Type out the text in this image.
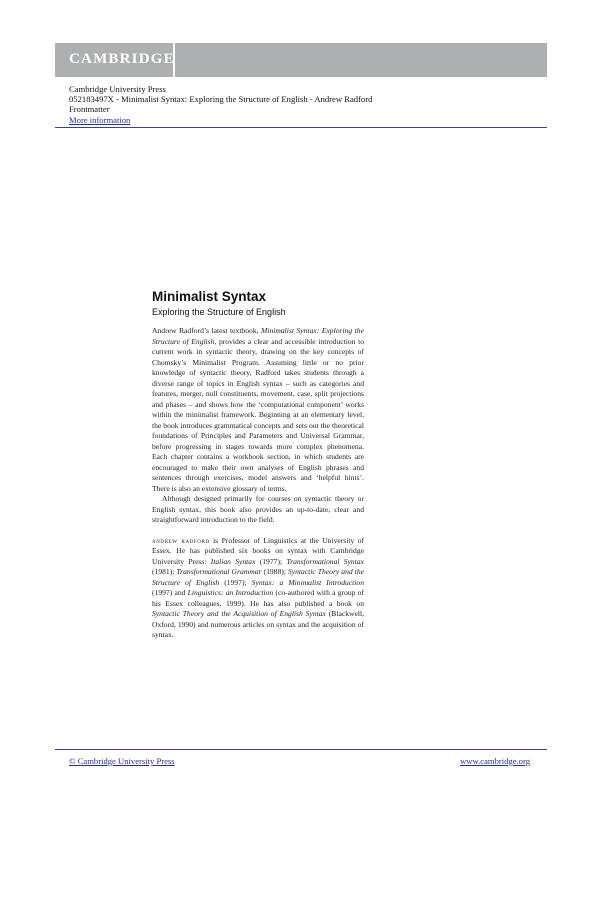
CAMBRIDGE
Cambridge University Press
052183497X - Minimalist Syntax: Exploring the Structure of English - Andrew Radford
Frontmatter
More information
Minimalist Syntax
Exploring the Structure of English

Andrew Radford’s latest textbook, Minimalist Syntax: Exploring the Structure of English, provides a clear and accessible introduction to current work in syntactic theory, drawing on the key concepts of Chomsky’s Minimalist Program. Assuming little or no prior knowledge of syntactic theory, Radford takes students through a diverse range of topics in English syntax – such as categories and features, merger, null constituents, movement, case, split projections and phases – and shows how the ‘computational component’ works within the minimalist framework. Beginning at an elementary level, the book introduces grammatical concepts and sets out the theoretical foundations of Principles and Parameters and Universal Grammar, before progressing in stages towards more complex phenomena. Each chapter contains a workbook section, in which students are encouraged to make their own analyses of English phrases and sentences through exercises, model answers and ‘helpful hints’. There is also an extensive glossary of terms.

Although designed primarily for courses on syntactic theory or English syntax, this book also provides an up-to-date, clear and straightforward introduction to the field.

andrew radford is Professor of Linguistics at the University of Essex. He has published six books on syntax with Cambridge University Press: Italian Syntax (1977); Transformational Syntax (1981); Transformational Grammar (1988); Syntactic Theory and the Structure of English (1997); Syntax: a Minimalist Introduction (1997) and Linguistics: an Introduction (co-authored with a group of his Essex colleagues, 1999). He has also published a book on Syntactic Theory and the Acquisition of English Syntax (Blackwell, Oxford, 1990) and numerous articles on syntax and the acquisition of syntax.

© Cambridge University Press	www.cambridge.org
